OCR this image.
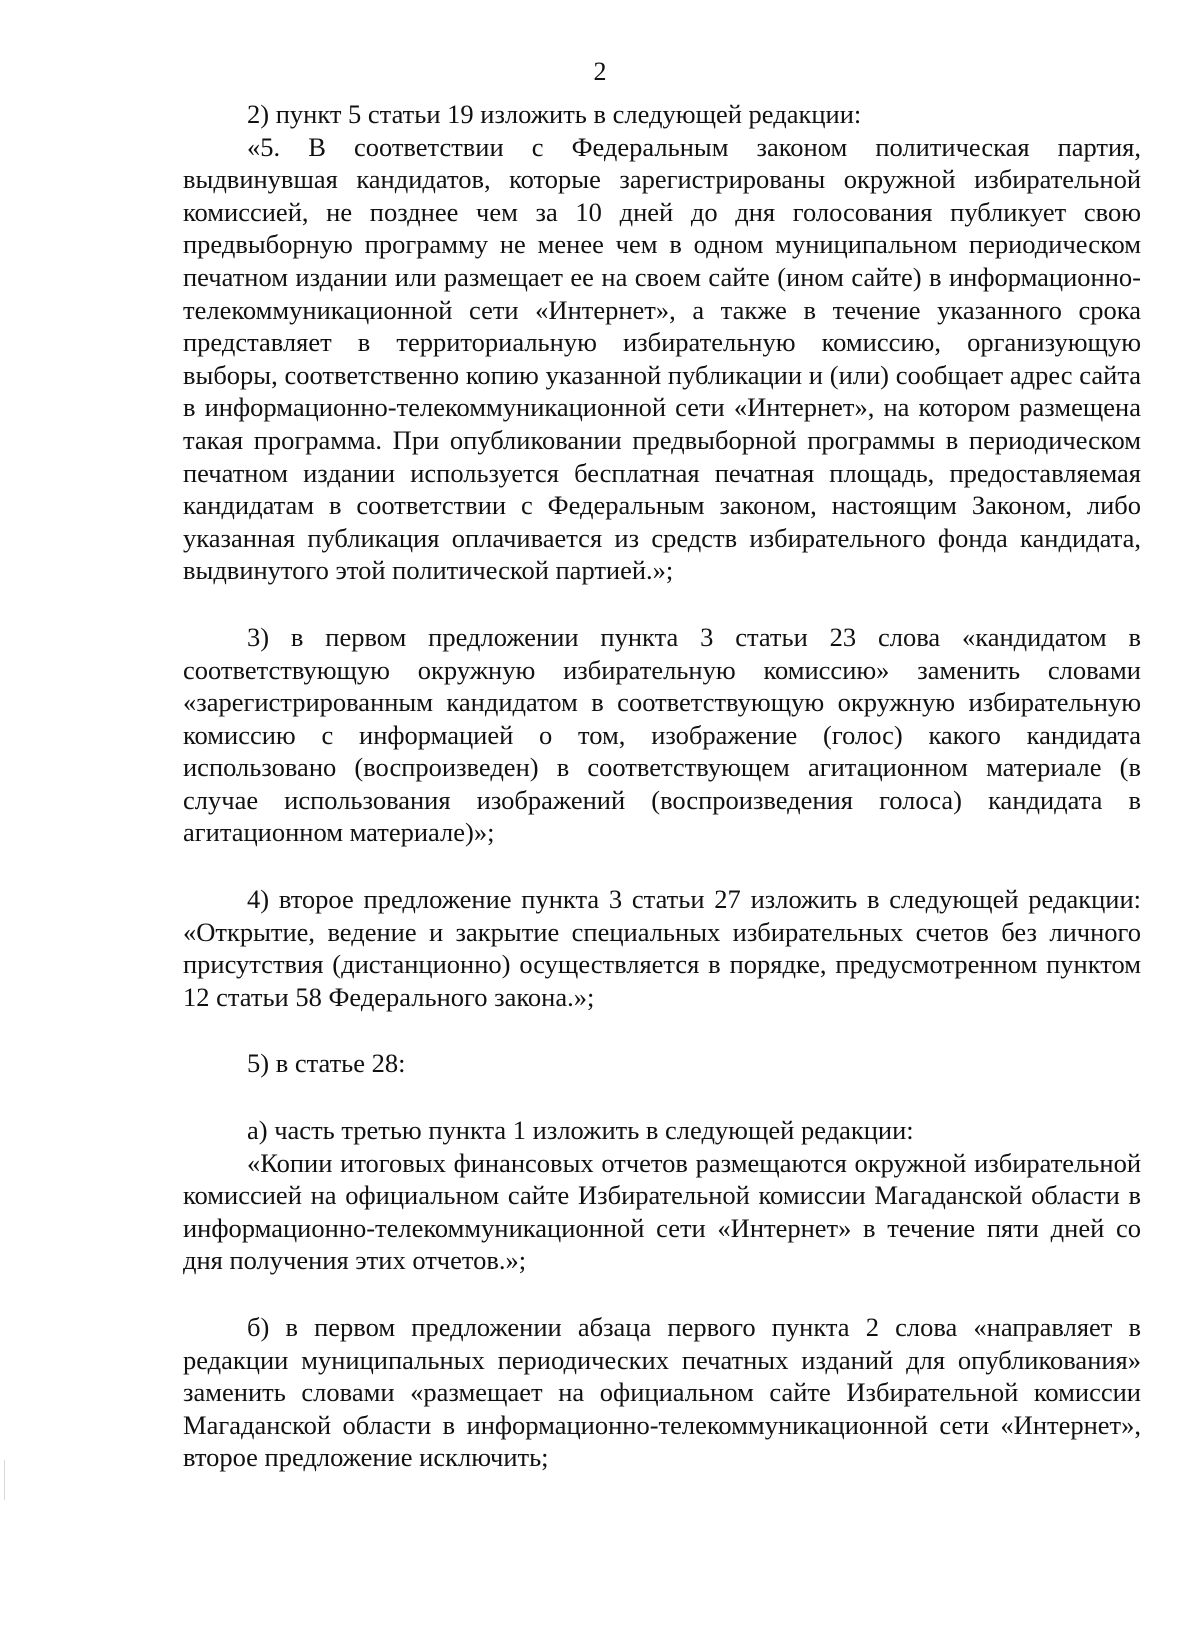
2

2) пункт 5 статьи 19 изложить в следующей редакции:

«5. В соответствии с Федеральным законом политическая партия, выдвинувшая кандидатов, которые зарегистрированы окружной избирательной комиссией, не позднее чем за 10 дней до дня голосования публикует свою предвыборную программу не менее чем в одном муниципальном периодическом печатном издании или размещает ее на своем сайте (ином сайте) в информационно-телекоммуникационной сети «Интернет», а также в течение указанного срока представляет в территориальную избирательную комиссию, организующую выборы, соответственно копию указанной публикации и (или) сообщает адрес сайта в информационно-телекоммуникационной сети «Интернет», на котором размещена такая программа. При опубликовании предвыборной программы в периодическом печатном издании используется бесплатная печатная площадь, предоставляемая кандидатам в соответствии с Федеральным законом, настоящим Законом, либо указанная публикация оплачивается из средств избирательного фонда кандидата, выдвинутого этой политической партией.»;

3) в первом предложении пункта 3 статьи 23 слова «кандидатом в соответствующую окружную избирательную комиссию» заменить словами «зарегистрированным кандидатом в соответствующую окружную избирательную комиссию с информацией о том, изображение (голос) какого кандидата использовано (воспроизведен) в соответствующем агитационном материале (в случае использования изображений (воспроизведения голоса) кандидата в агитационном материале)»;

4) второе предложение пункта 3 статьи 27 изложить в следующей редакции: «Открытие, ведение и закрытие специальных избирательных счетов без личного присутствия (дистанционно) осуществляется в порядке, предусмотренном пунктом 12 статьи 58 Федерального закона.»;

5) в статье 28:

а) часть третью пункта 1 изложить в следующей редакции:

«Копии итоговых финансовых отчетов размещаются окружной избирательной комиссией на официальном сайте Избирательной комиссии Магаданской области в информационно-телекоммуникационной сети «Интернет» в течение пяти дней со дня получения этих отчетов.»;

б) в первом предложении абзаца первого пункта 2 слова «направляет в редакции муниципальных периодических печатных изданий для опубликования» заменить словами «размещает на официальном сайте Избирательной комиссии Магаданской области в информационно-телекоммуникационной сети «Интернет», второе предложение исключить;
